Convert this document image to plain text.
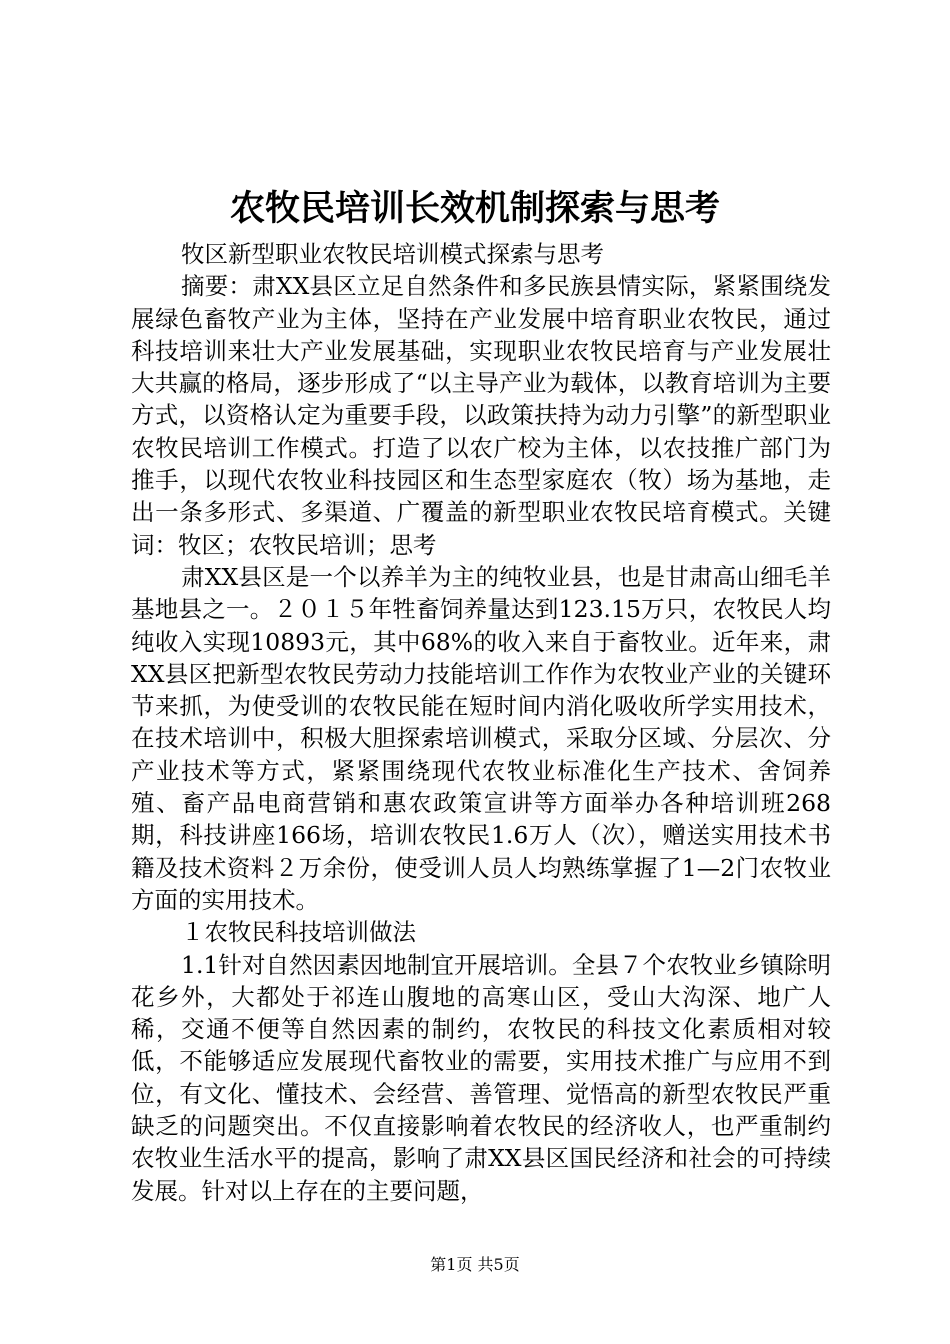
农牧民培训长效机制探索与思考

牧区新型职业农牧民培训模式探索与思考

摘要：肃XX县区立足自然条件和多民族县情实际，紧紧围绕发展绿色畜牧产业为主体，坚持在产业发展中培育职业农牧民，通过科技培训来壮大产业发展基础，实现职业农牧民培育与产业发展壮大共赢的格局，逐步形成了“以主导产业为载体，以教育培训为主要方式，以资格认定为重要手段，以政策扶持为动力引擎”的新型职业农牧民培训工作模式。打造了以农广校为主体，以农技推广部门为推手，以现代农牧业科技园区和生态型家庭农（牧）场为基地，走出一条多形式、多渠道、广覆盖的新型职业农牧民培育模式。关键词：牧区；农牧民培训；思考

肃XX县区是一个以养羊为主的纯牧业县，也是甘肃高山细毛羊基地县之一。２０１５年牲畜饲养量达到123.15万只，农牧民人均纯收入实现10893元，其中68%的收入来自于畜牧业。近年来，肃XX县区把新型农牧民劳动力技能培训工作作为农牧业产业的关键环节来抓，为使受训的农牧民能在短时间内消化吸收所学实用技术，在技术培训中，积极大胆探索培训模式，采取分区域、分层次、分产业技术等方式，紧紧围绕现代农牧业标准化生产技术、舍饲养殖、畜产品电商营销和惠农政策宣讲等方面举办各种培训班268期，科技讲座166场，培训农牧民1.6万人（次），赠送实用技术书籍及技术资料２万余份，使受训人员人均熟练掌握了1—2门农牧业方面的实用技术。

１农牧民科技培训做法

1.1针对自然因素因地制宜开展培训。全县７个农牧业乡镇除明花乡外，大都处于祁连山腹地的高寒山区，受山大沟深、地广人稀，交通不便等自然因素的制约，农牧民的科技文化素质相对较低，不能够适应发展现代畜牧业的需要，实用技术推广与应用不到位，有文化、懂技术、会经营、善管理、觉悟高的新型农牧民严重缺乏的问题突出。不仅直接影响着农牧民的经济收人，也严重制约农牧业生活水平的提高，影响了肃XX县区国民经济和社会的可持续发展。针对以上存在的主要问题，

第1页 共5页
